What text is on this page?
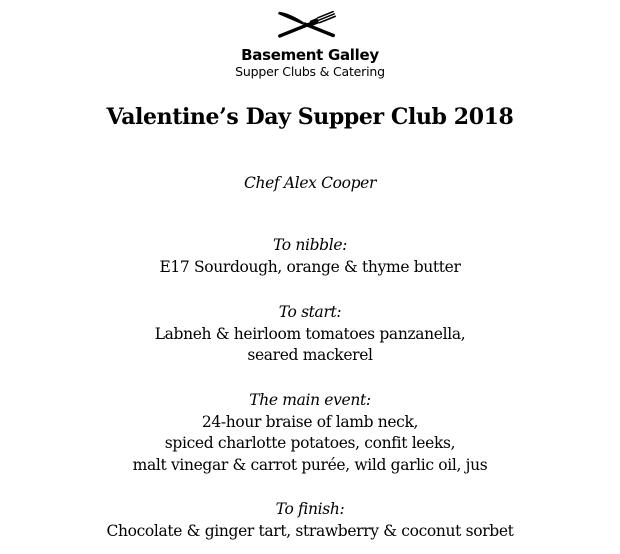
Basement Galley
Supper Clubs & Catering
Valentine’s Day Supper Club 2018
Chef Alex Cooper
To nibble:
E17 Sourdough, orange & thyme butter
To start:
Labneh & heirloom tomatoes panzanella,
seared mackerel
The main event:
24-hour braise of lamb neck,
spiced charlotte potatoes, confit leeks,
malt vinegar & carrot purée, wild garlic oil, jus
To finish:
Chocolate & ginger tart, strawberry & coconut sorbet
